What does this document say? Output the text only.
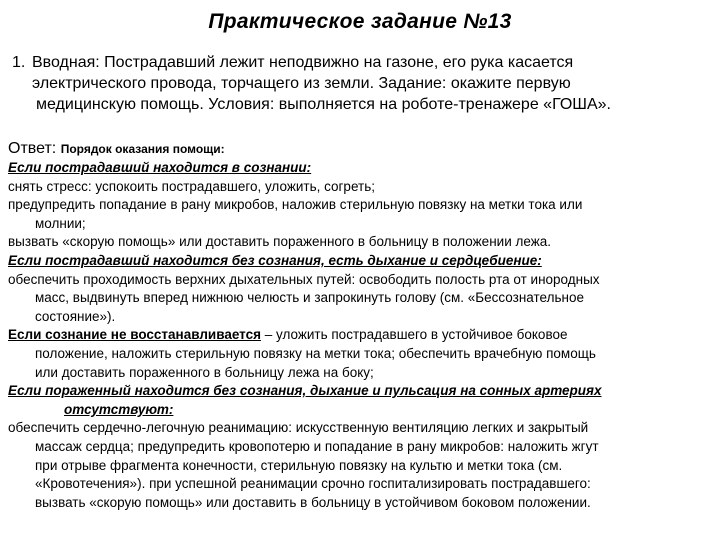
Практическое задание №13
1. Вводная: Пострадавший лежит неподвижно на газоне, его рука касается
электрического провода, торчащего из земли. Задание: окажите первую
медицинскую помощь. Условия: выполняется на роботе-тренажере «ГОША».
Ответ: Порядок оказания помощи:
Если пострадавший находится в сознании:
снять стресс: успокоить пострадавшего, уложить, согреть;
предупредить попадание в рану микробов, наложив стерильную повязку на метки тока или
молнии;
вызвать «скорую помощь» или доставить пораженного в больницу в положении лежа.
Если пострадавший находится без сознания, есть дыхание и сердцебиение:
обеспечить проходимость верхних дыхательных путей: освободить полость рта от инородных
масс, выдвинуть вперед нижнюю челюсть и запрокинуть голову (см. «Бессознательное
состояние»).
Если сознание не восстанавливается – уложить пострадавшего в устойчивое боковое
положение, наложить стерильную повязку на метки тока; обеспечить врачебную помощь
или доставить пораженного в больницу лежа на боку;
Если пораженный находится без сознания, дыхание и пульсация на сонных артериях
отсутствуют:
обеспечить сердечно-легочную реанимацию: искусственную вентиляцию легких и закрытый
массаж сердца; предупредить кровопотерю и попадание в рану микробов: наложить жгут
при отрыве фрагмента конечности, стерильную повязку на культю и метки тока (см.
«Кровотечения»). при успешной реанимации срочно госпитализировать пострадавшего:
вызвать «скорую помощь» или доставить в больницу в устойчивом боковом положении.
